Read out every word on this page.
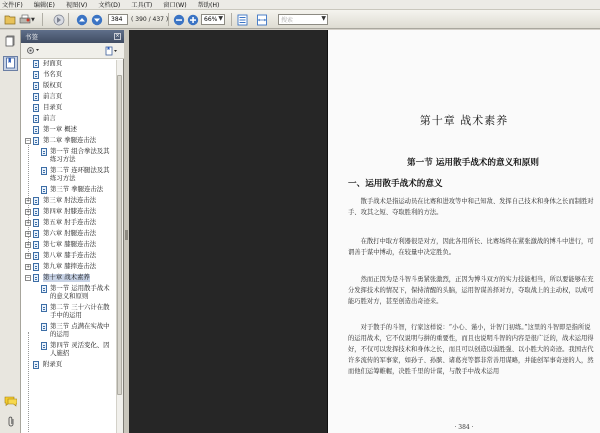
文件(F) 编辑(E) 视图(V) 文档(D) 工具(T) 窗口(W) 帮助(H)
▼	384 ( 390 / 437 )	66% ▼	搜索	▼
书签	×
封面页
书名页
版权页
前言页
目录页
前言
第一章 概述
− 第二章 拳腿连击法
第一节 组合拳法及其练习方法
第二节 连环腿法及其练习方法
第三节 拳腿连击法
+ 第三章 肘法连击法
+ 第四章 肘膝连击法
+ 第五章 肘手连击法
+ 第六章 肘腿连击法
+ 第七章 膝腿连击法
+ 第八章 膝手连击法
+ 第九章 膝摔连击法
− 第十章 战术素养
第一节 运用散手战术的意义和原则
第二节 三十六计在散手中的运用
第三节 点满在实战中的运用
第四节 灵活变化、因人施招
附录页
第十章 战术素养
第一节 运用散手战术的意义和原则
一、运用散手战术的意义
散手战术是指运动员在比赛和进攻等中和己知敌、发挥自己技术和身体之长而制胜对手、攻其之短、夺取胜利的方法。
在散打中取方利器很是对方，因此各用所长、比赛场终在紧张激战的博斗中进行，可谓善于谋中博动，在较量中决定胜负。
然而正因为是斗智斗勇紧张激烈，正因为博斗双方的实力技能相当，所以要能够在充分发挥技术的情况下，保持清醒的头脑，运用智谋善择对方，夺取战上的主动权，以成可能巧胜对方，甚至创造出奇迹来。
对于散手的斗智，行家这样说：“小心、谨小，计智门初练。”这里的斗智即是指所说的运用战术，它不仅说明与拼的重要性，而且也说明斗智的内容是很广泛的，战术运用得好，不仅可以发挥技术和身体之长，而且可以创造以弱胜强、以小胜大的奇迹。我国古代许多流传的军事家，如孙子、孙膑、诸葛亮等都非常善用谋略，并能创军事奇迹的人，然而他们运筹帷幄，决胜千里的计谋，与散手中战术运用
· 384 ·
